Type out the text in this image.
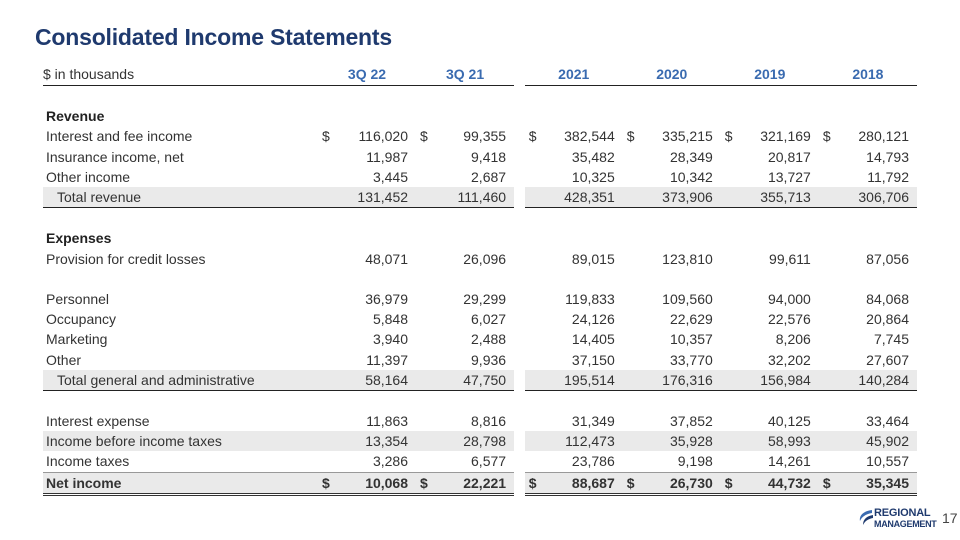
Consolidated Income Statements
$ in thousands	3Q 22		3Q 21			2021		2020		2019		2018	

Revenue													
Interest and fee income	$	116,020	$	99,355		$	382,544	$	335,215	$	321,169	$	280,121
Insurance income, net		11,987		9,418			35,482		28,349		20,817		14,793
Other income		3,445		2,687			10,325		10,342		13,727		11,792
Total revenue		131,452		111,460			428,351		373,906		355,713		306,706

Expenses													
Provision for credit losses		48,071		26,096			89,015		123,810		99,611		87,056

Personnel		36,979		29,299			119,833		109,560		94,000		84,068
Occupancy		5,848		6,027			24,126		22,629		22,576		20,864
Marketing		3,940		2,488			14,405		10,357		8,206		7,745
Other		11,397		9,936			37,150		33,770		32,202		27,607
Total general and administrative		58,164		47,750			195,514		176,316		156,984		140,284

Interest expense		11,863		8,816			31,349		37,852		40,125		33,464
Income before income taxes		13,354		28,798			112,473		35,928		58,993		45,902
Income taxes		3,286		6,577			23,786		9,198		14,261		10,557
Net income	$	10,068	$	22,221		$	88,687	$	26,730	$	44,732	$	35,345
REGIONAL
MANAGEMENT 17
